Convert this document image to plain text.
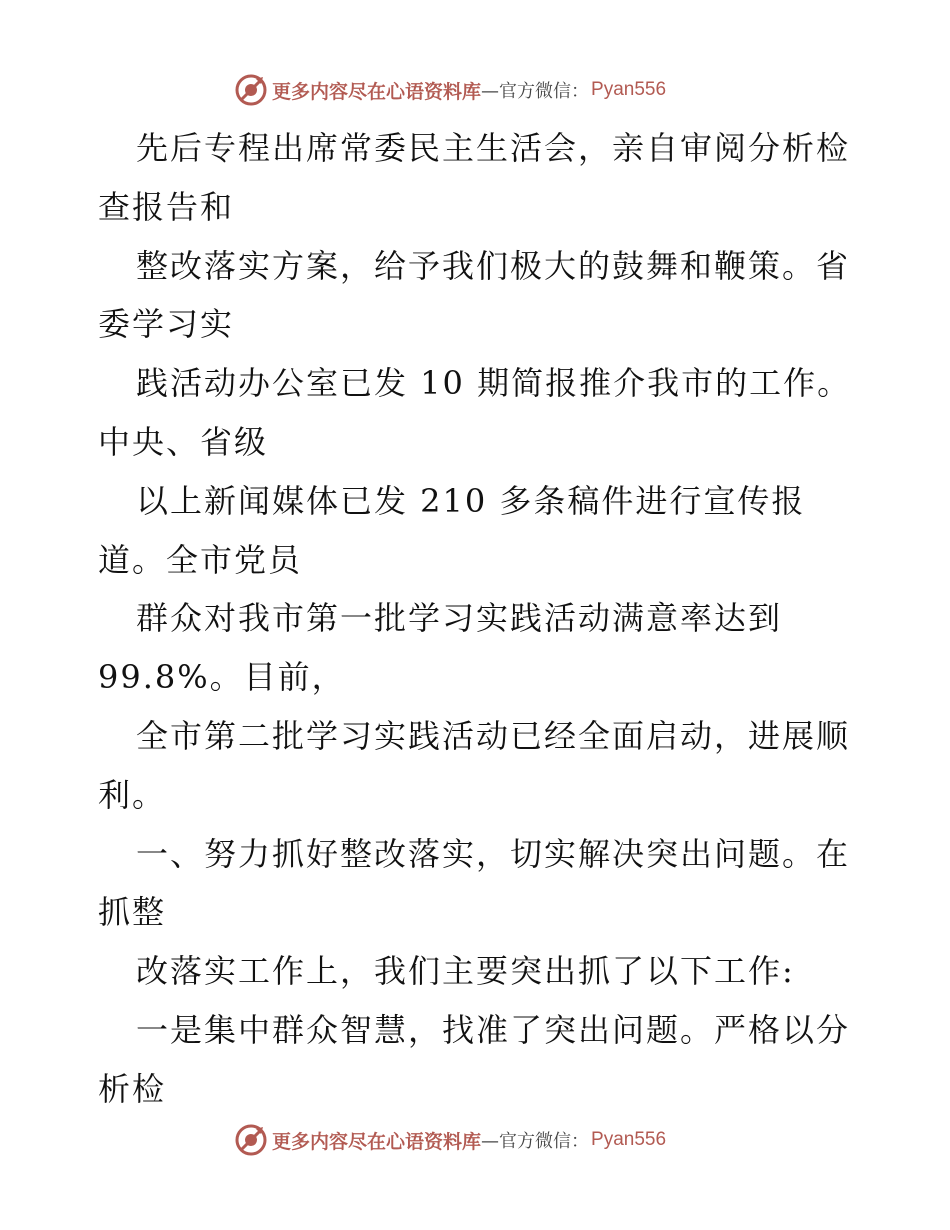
更多内容尽在心语资料库 —官方微信： Pyan556
先后专程出席常委民主生活会，亲自审阅分析检
查报告和
整改落实方案，给予我们极大的鼓舞和鞭策。省
委学习实
践活动办公室已发 10 期简报推介我市的工作。
中央、省级
以上新闻媒体已发 210 多条稿件进行宣传报
道。全市党员
群众对我市第一批学习实践活动满意率达到
99.8%。目前，
全市第二批学习实践活动已经全面启动，进展顺
利。
一、努力抓好整改落实，切实解决突出问题。在
抓整
改落实工作上，我们主要突出抓了以下工作:
一是集中群众智慧，找准了突出问题。严格以分
析检
更多内容尽在心语资料库 —官方微信： Pyan556
